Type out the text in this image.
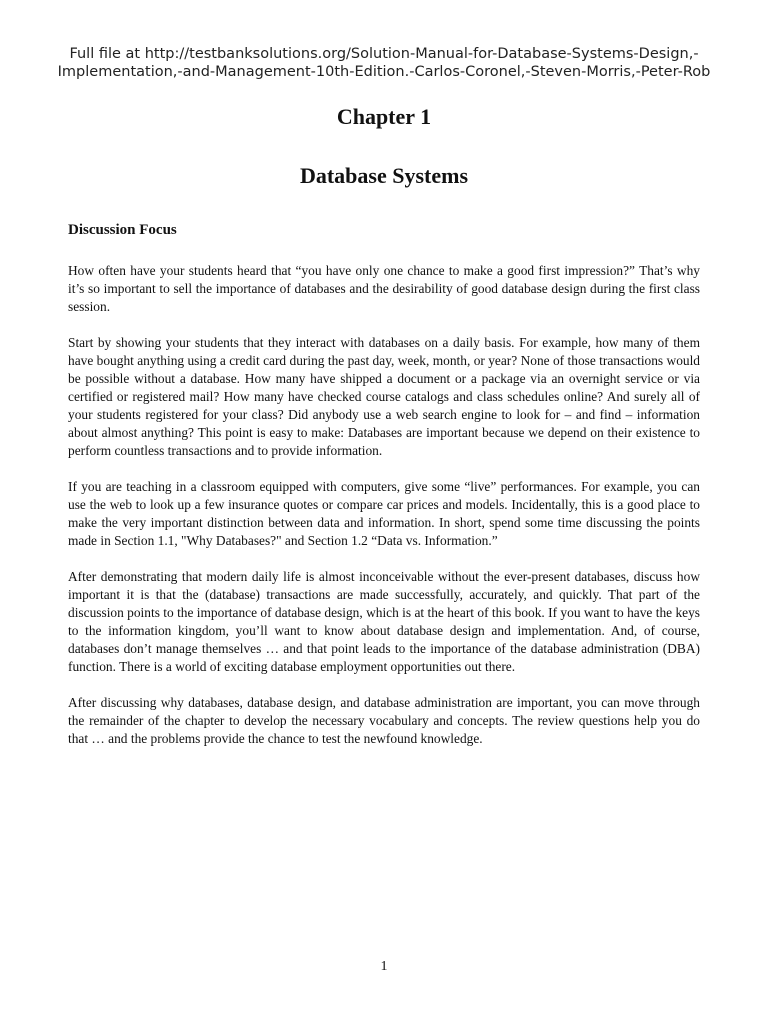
Full file at http://testbanksolutions.org/Solution-Manual-for-Database-Systems-Design,-Implementation,-and-Management-10th-Edition.-Carlos-Coronel,-Steven-Morris,-Peter-Rob
Chapter 1
Database Systems
Discussion Focus

How often have your students heard that “you have only one chance to make a good first impression?” That’s why it’s so important to sell the importance of databases and the desirability of good database design during the first class session.

Start by showing your students that they interact with databases on a daily basis. For example, how many of them have bought anything using a credit card during the past day, week, month, or year? None of those transactions would be possible without a database. How many have shipped a document or a package via an overnight service or via certified or registered mail? How many have checked course catalogs and class schedules online? And surely all of your students registered for your class? Did anybody use a web search engine to look for – and find – information about almost anything? This point is easy to make: Databases are important because we depend on their existence to perform countless transactions and to provide information.

If you are teaching in a classroom equipped with computers, give some “live” performances. For example, you can use the web to look up a few insurance quotes or compare car prices and models. Incidentally, this is a good place to make the very important distinction between data and information. In short, spend some time discussing the points made in Section 1.1, "Why Databases?" and Section 1.2 “Data vs. Information.”

After demonstrating that modern daily life is almost inconceivable without the ever-present databases, discuss how important it is that the (database) transactions are made successfully, accurately, and quickly. That part of the discussion points to the importance of database design, which is at the heart of this book. If you want to have the keys to the information kingdom, you’ll want to know about database design and implementation. And, of course, databases don’t manage themselves … and that point leads to the importance of the database administration (DBA) function. There is a world of exciting database employment opportunities out there.

After discussing why databases, database design, and database administration are important, you can move through the remainder of the chapter to develop the necessary vocabulary and concepts. The review questions help you do that … and the problems provide the chance to test the newfound knowledge.

1
